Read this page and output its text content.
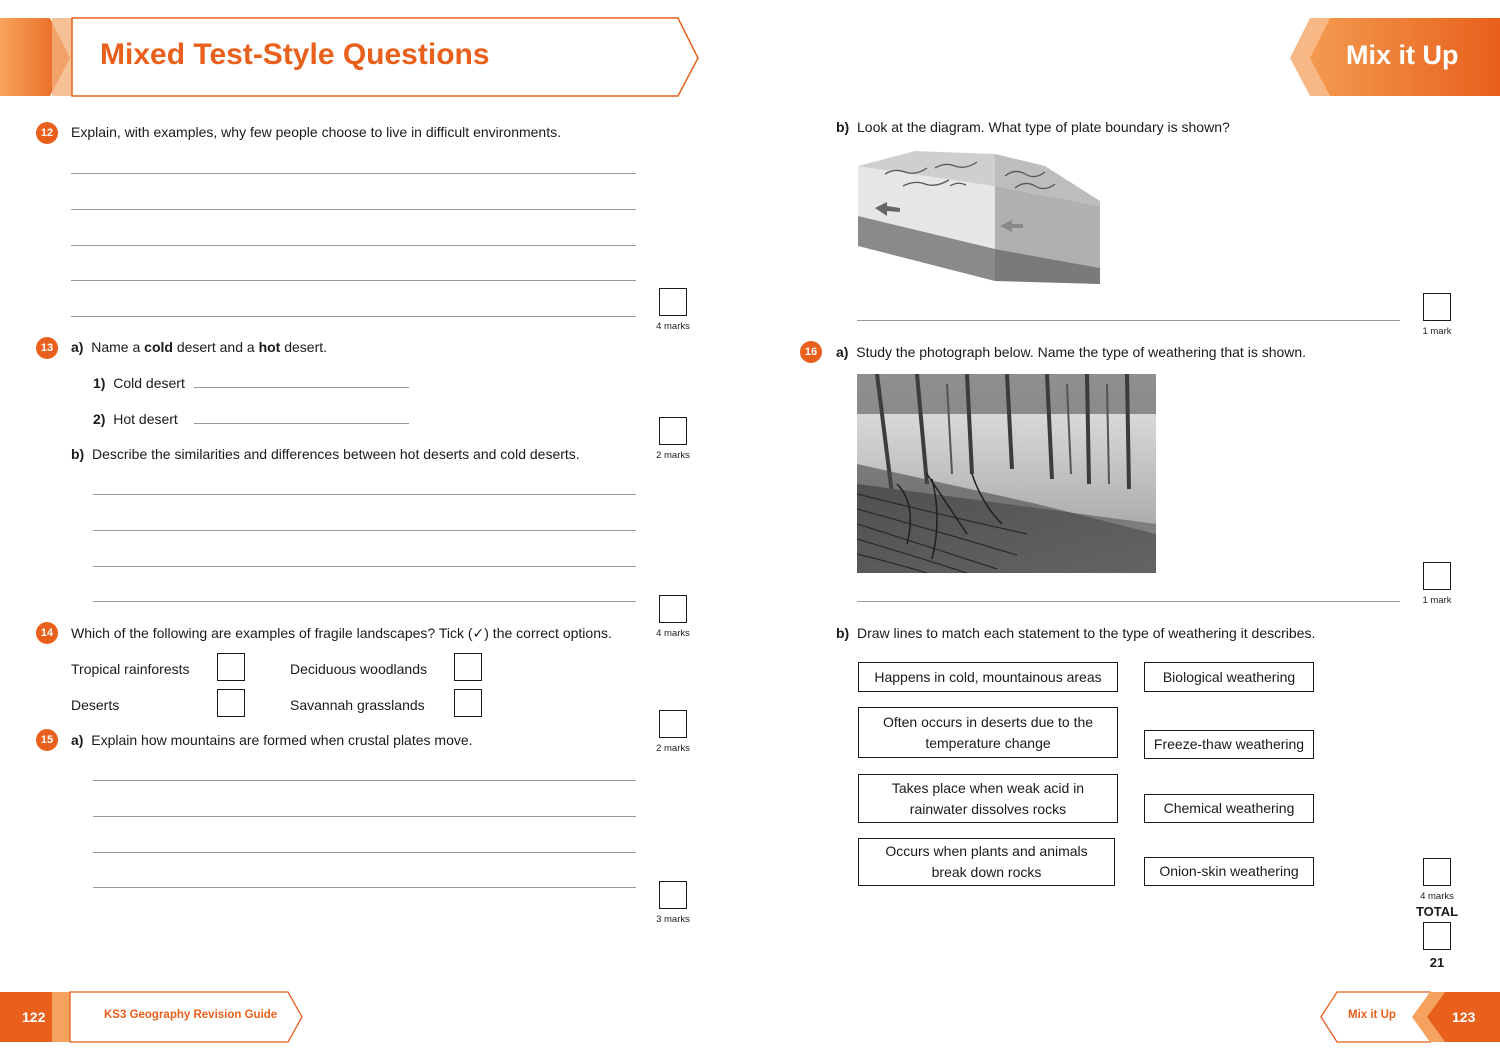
Mixed Test-Style Questions	Mix it Up
12	Explain, with examples, why few people choose to live in difficult environments.
4 marks
13	a) Name a cold desert and a hot desert.
1) Cold desert
2) Hot desert
2 marks
b) Describe the similarities and differences between hot deserts and cold deserts.
4 marks
14	Which of the following are examples of fragile landscapes? Tick (✓) the correct options.
Tropical rainforests	Deciduous woodlands
Deserts	Savannah grasslands
2 marks
15	a) Explain how mountains are formed when crustal plates move.
3 marks
b) Look at the diagram. What type of plate boundary is shown?
1 mark
16	a) Study the photograph below. Name the type of weathering that is shown.
1 mark
b) Draw lines to match each statement to the type of weathering it describes.
Happens in cold, mountainous areas
Often occurs in deserts due to the temperature change
Takes place when weak acid in rainwater dissolves rocks
Occurs when plants and animals break down rocks
Biological weathering
Freeze-thaw weathering
Chemical weathering
Onion-skin weathering
4 marks
TOTAL
21
122	KS3 Geography Revision Guide	Mix it Up	123
